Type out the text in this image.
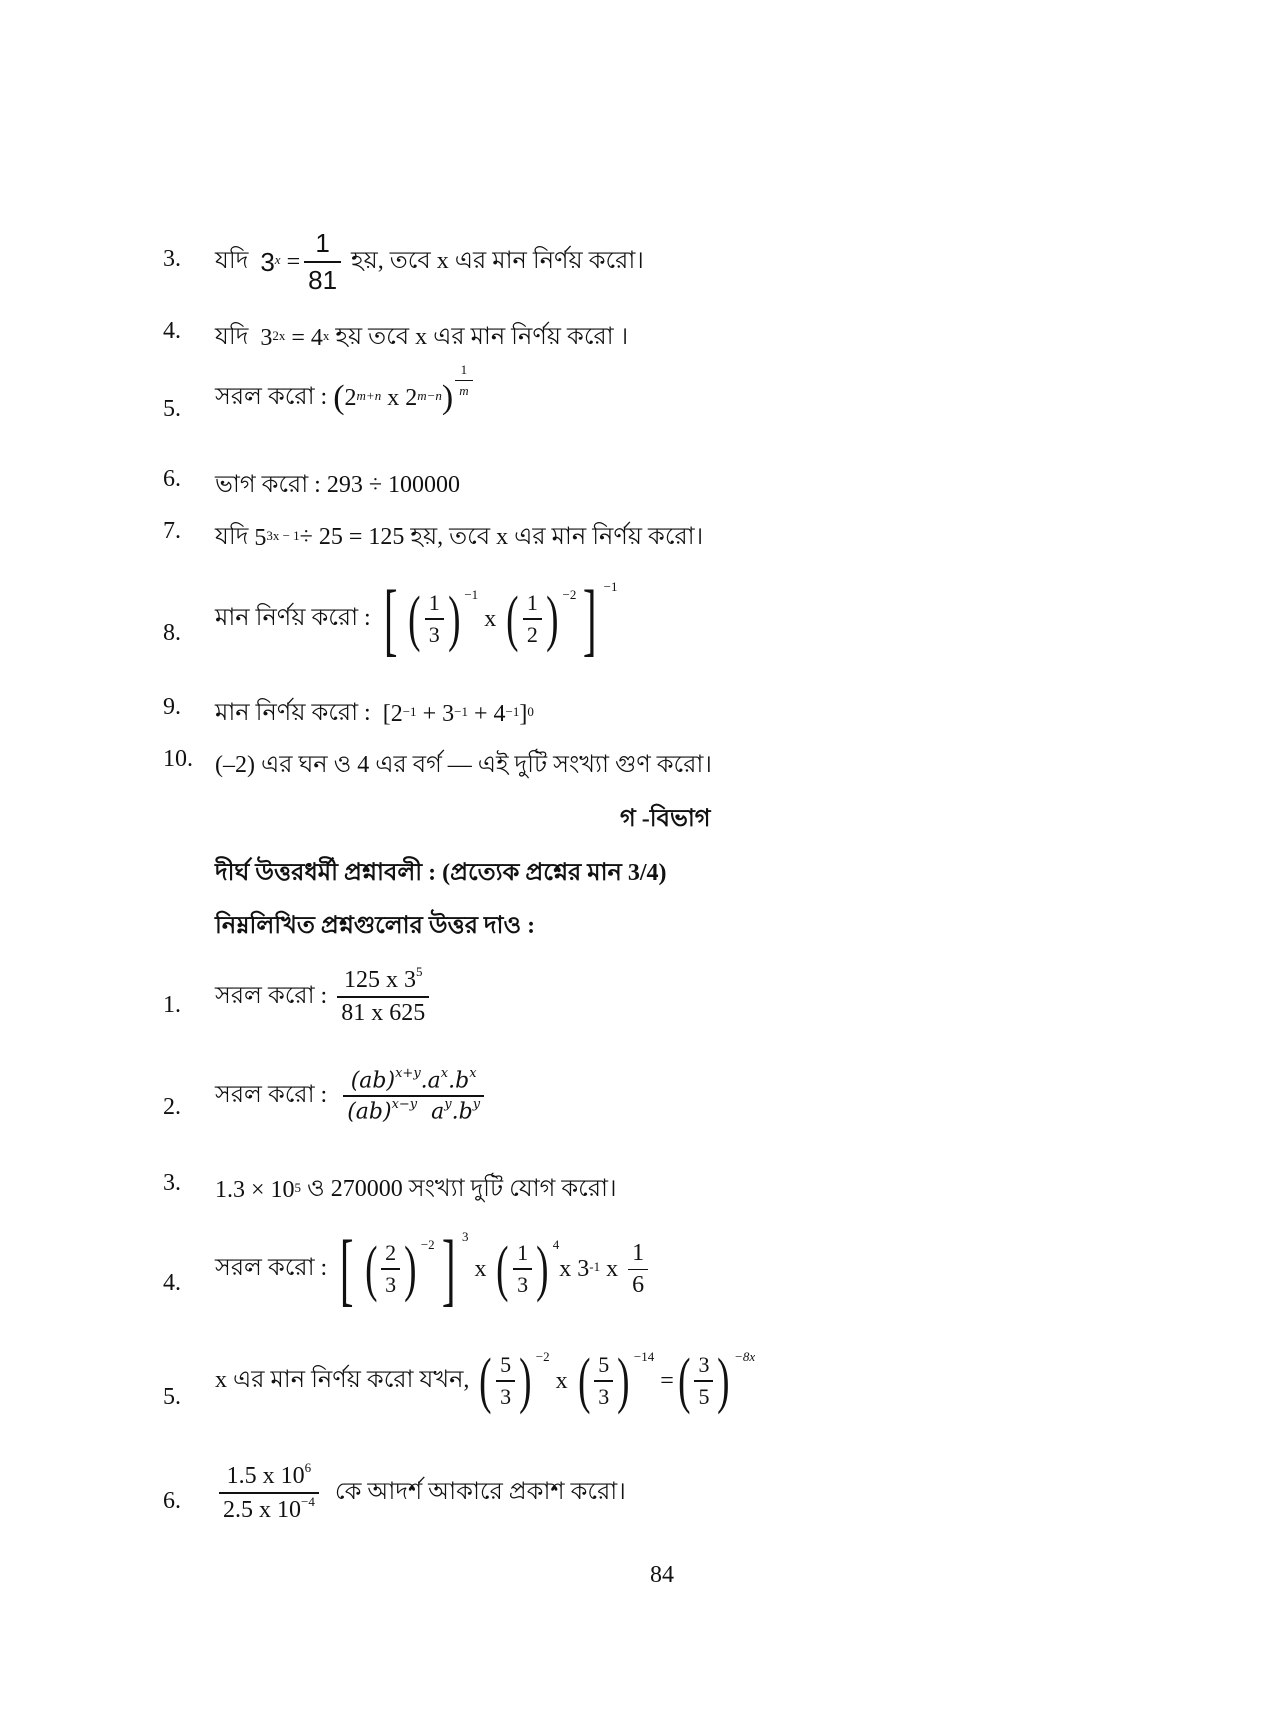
3.	যদি
3$^x$
= $\frac{1}{81}$
হয়, তবে x এর মান নির্ণয় করো।
4.	যদি
$3^{2x}$
=
4$^x$
হয় তবে x এর মান নির্ণয় করো ।
5.	সরল করো :
( $2^{m+n}$
x
$2^{m-n}$ ) $\frac{1}{m}$
6.	ভাগ করো : 293 ÷ 100000
7.	যদি
$5^{3x - 1} \div 25 = 125$ হয়, তবে x এর মান নির্ণয় করো।
8.
মান নির্ণয় করো :
[ ( $\frac{1}{3}$ ) $^{-1}$

x
( $\frac{1}{2}$ ) $^{-2}$ ] $^{-1}$
9.	মান নির্ণয় করো :
[$2^{-1}$
+ $3^{-1}$
+ $4^{-1}$ ]$^0$
10. (–2) এর ঘন ও 4 এর বর্গ — এই দুটি সংখ্যা গুণ করো।
গ -বিভাগ
দীর্ঘ উত্তরধর্মী প্রশ্নাবলী : (প্রত্যেক প্রশ্নের মান 3/4)
নিম্নলিখিত প্রশ্নগুলোর উত্তর দাও :
1.	সরল করো :
$\frac{125 x 3^5}{81 x 625}$
2.	সরল করো :
$\frac{(ab)^{x+y}.a^x.b^x}{(ab)^{x-y} a^y.b^y}$
3.	$1.3 \times 10^5$
ও 270000 সংখ্যা দুটি যোগ করো।
4.
সরল করো :
[ ( $\frac{2}{3}$ ) $^{-2}$ ] $^3$

x
( $\frac{1}{3}$ ) $^4$
x $3^{-1}$
x
$\frac{1}{6}$
5.
x এর মান নির্ণয় করো যখন,
( $\frac{5}{3}$ ) $^{-2}$

x
( $\frac{5}{3}$ ) $^{-14}$

= ( $\frac{3}{5}$ ) $^{-8x}$
6.	$\frac{1.5 x 10^6}{2.5 x 10^{-4}}$
কে আদর্শ আকারে প্রকাশ করো।
84
